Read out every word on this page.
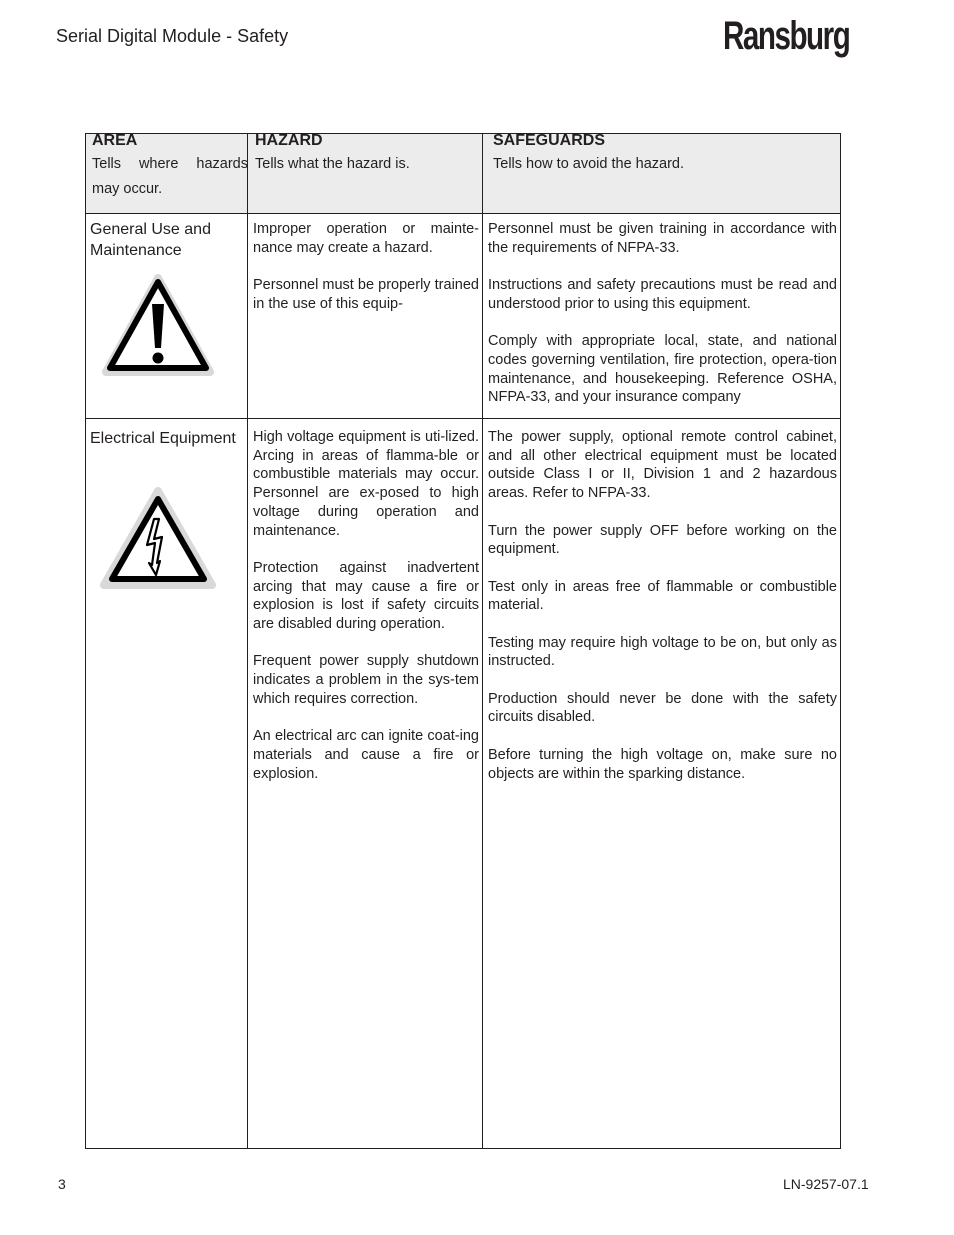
Serial Digital Module - Safety	Ransburg
AREA
Tells where hazards may occur.
HAZARD
Tells what the hazard is.
SAFEGUARDS
Tells how to avoid the hazard.
General Use and Maintenance

Improper operation or mainte-nance may create a hazard.

Personnel must be properly trained in the use of this equip-

Personnel must be given training in accordance with the requirements of NFPA-33.

Instructions and safety precautions must be read and understood prior to using this equipment.

Comply with appropriate local, state, and national codes governing ventilation, fire protection, opera-tion maintenance, and housekeeping. Reference OSHA, NFPA-33, and your insurance company

Electrical Equipment High voltage equipment is uti-lized. Arcing in areas of flamma-ble or combustible materials may occur. Personnel are ex-posed to high voltage during operation and maintenance.

Protection against inadvertent arcing that may cause a fire or explosion is lost if safety circuits are disabled during operation.

Frequent power supply shutdown indicates a problem in the sys-tem which requires correction.

An electrical arc can ignite coat-ing materials and cause a fire or explosion.

The power supply, optional remote control cabinet, and all other electrical equipment must be located outside Class I or II, Division 1 and 2 hazardous areas. Refer to NFPA-33.

Turn the power supply OFF before working on the equipment.

Test only in areas free of flammable or combustible material.

Testing may require high voltage to be on, but only as instructed.

Production should never be done with the safety circuits disabled.

Before turning the high voltage on, make sure no objects are within the sparking distance.

3	LN-9257-07.1
